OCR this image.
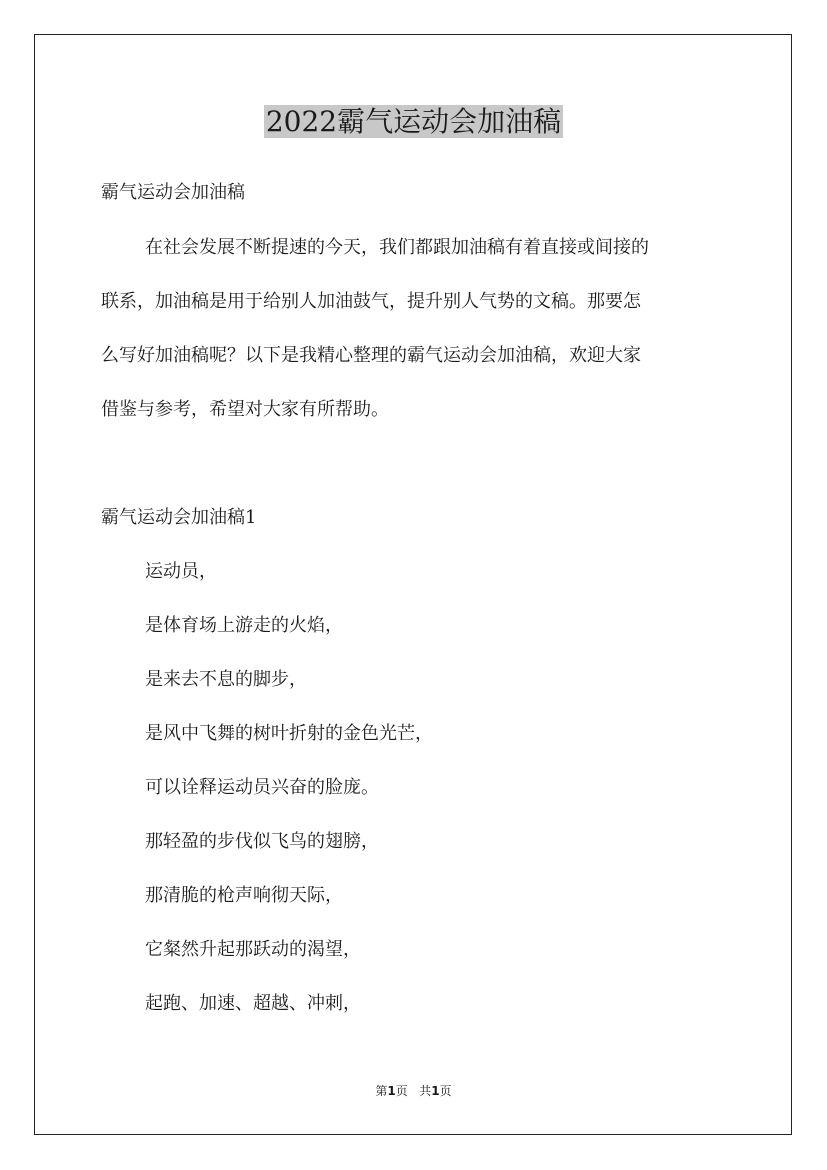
2022霸气运动会加油稿
霸气运动会加油稿
在社会发展不断提速的今天，我们都跟加油稿有着直接或间接的
联系，加油稿是用于给别人加油鼓气，提升别人气势的文稿。那要怎
么写好加油稿呢？以下是我精心整理的霸气运动会加油稿，欢迎大家
借鉴与参考，希望对大家有所帮助。
霸气运动会加油稿1
运动员，
是体育场上游走的火焰，
是来去不息的脚步，
是风中飞舞的树叶折射的金色光芒，
可以诠释运动员兴奋的脸庞。
那轻盈的步伐似飞鸟的翅膀，
那清脆的枪声响彻天际，
它粲然升起那跃动的渴望，
起跑、加速、超越、冲刺，
第1页 共1页
